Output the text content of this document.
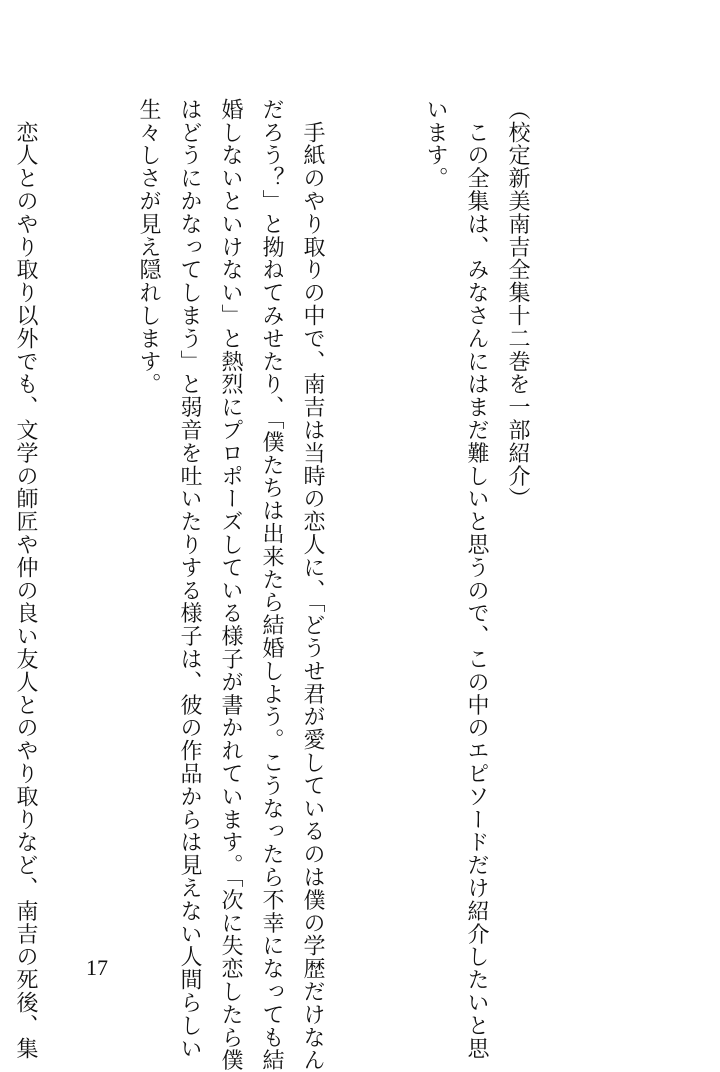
（校定新美南吉全集十二巻を一部紹介）
　この全集は、みなさんにはまだ難しいと思うので、この中のエピソードだけ紹介したいと思
います。

　手紙のやり取りの中で、南吉は当時の恋人に、「どうせ君が愛しているのは僕の学歴だけなん
だろう？」と拗ねてみせたり、「僕たちは出来たら結婚しよう。こうなったら不幸になっても結
婚しないといけない」と熱烈にプロポーズしている様子が書かれています。「次に失恋したら僕
はどうにかなってしまう」と弱音を吐いたりする様子は、彼の作品からは見えない人間らしい
生々しさが見え隠れします。

　恋人とのやり取り以外でも、文学の師匠や仲の良い友人とのやり取りなど、南吉の死後、集

	17
